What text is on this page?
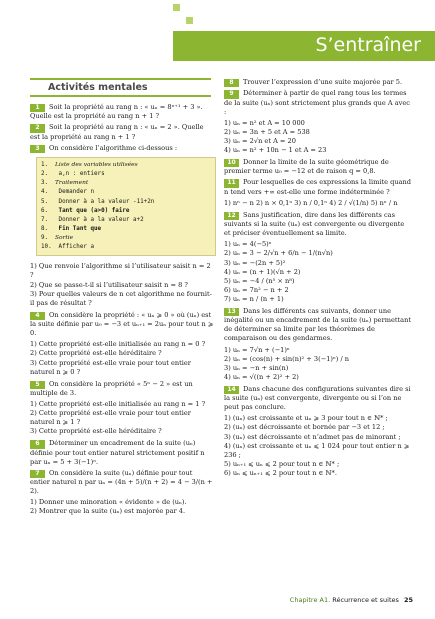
S’entraîner
Activités mentales
1 Soit la propriété au rang n : « uₙ = 8ⁿ⁺¹ + 3 ». Quelle est la propriété au rang n + 1 ?
2 Soit la propriété au rang n : « uₙ = 2 ». Quelle est la propriété au rang n + 1 ?
3 On considère l’algorithme ci-dessous :
1. Liste des variables utilisées
2. a,n : entiers
3. Traitement
4. Demander n
5. Donner à a la valeur -11+2n
6. Tant que (a>0) faire
7. Donner à a la valeur a+2
8. Fin Tant que
9. Sortie
10. Afficher a
1) Que renvoie l’algorithme si l’utilisateur saisit n = 2 ?
2) Que se passe-t-il si l’utilisateur saisit n = 8 ?
3) Pour quelles valeurs de n cet algorithme ne fournit-il pas de résultat ?
4 On considère la propriété : « uₙ ⩾ 0 » où (uₙ) est la suite définie par u₀ = −3 et uₙ₊₁ = 2uₙ pour tout n ⩾ 0.
1) Cette propriété est-elle initialisée au rang n = 0 ?
2) Cette propriété est-elle héréditaire ?
3) Cette propriété est-elle vraie pour tout entier naturel n ⩾ 0 ?
5 On considère la propriété « 5ⁿ − 2 » est un multiple de 3.
1) Cette propriété est-elle initialisée au rang n = 1 ?
2) Cette propriété est-elle vraie pour tout entier naturel n ⩾ 1 ?
3) Cette propriété est-elle héréditaire ?
6 Déterminer un encadrement de la suite (uₙ) définie pour tout entier naturel strictement positif n par uₙ = 5 + 3(−1)ⁿ.
7 On considère la suite (uₙ) définie pour tout entier naturel n par uₙ = (4n + 5)/(n + 2) = 4 − 3/(n + 2).
1) Donner une minoration « évidente » de (uₙ).
2) Montrer que la suite (uₙ) est majorée par 4.
8 Trouver l’expression d’une suite majorée par 5.
9 Déterminer à partir de quel rang tous les termes de la suite (uₙ) sont strictement plus grands que A avec :
1) uₙ = n² et A = 10 000
2) uₙ = 3n + 5 et A = 538
3) uₙ = 2√n et A = 20
4) uₙ = n² + 10n − 1 et A = 23
10 Donner la limite de la suite géométrique de premier terme u₀ = −12 et de raison q = 0,8.
11 Pour lesquelles de ces expressions la limite quand n tend vers +∞ est-elle une forme indéterminée ?
1) nⁿ − n 2) n × 0,1ⁿ 3) n / 0,1ⁿ 4) 2 / √(1/n) 5) nⁿ / n
12 Sans justification, dire dans les différents cas suivants si la suite (uₙ) est convergente ou divergente et préciser éventuellement sa limite.
1) uₙ = 4(−5)ⁿ
2) uₙ = 3 − 2/√n + 6/n − 1/(n√n)
3) uₙ = −(2n + 5)²
4) uₙ = (n + 1)(√n + 2)
5) uₙ = −4 / (n⁵ × n⁸)
6) uₙ = 7n² − n + 2
7) uₙ = n / (n + 1)
13 Dans les différents cas suivants, donner une inégalité ou un encadrement de la suite (uₙ) permettant de déterminer sa limite par les théorèmes de comparaison ou des gendarmes.
1) uₙ = 7√n + (−1)ⁿ
2) uₙ = (cos(n) + sin(n)² + 3(−1)ⁿ) / n
3) uₙ = −n + sin(n)
4) uₙ = √((n + 2)² + 2)
14 Dans chacune des configurations suivantes dire si la suite (uₙ) est convergente, divergente ou si l’on ne peut pas conclure.
1) (uₙ) est croissante et uₙ ⩾ 3 pour tout n ∈ ℕ* ;
2) (uₙ) est décroissante et bornée par −3 et 12 ;
3) (uₙ) est décroissante et n’admet pas de minorant ;
4) (uₙ) est croissante et uₙ ⩽ 1 024 pour tout entier n ⩾ 236 ;
5) uₙ₊₁ ⩽ uₙ ⩽ 2 pour tout n ∈ ℕ* ;
6) uₙ ⩽ uₙ₊₁ ⩽ 2 pour tout n ∈ ℕ*.
Chapitre A1. Récurrence et suites 25
